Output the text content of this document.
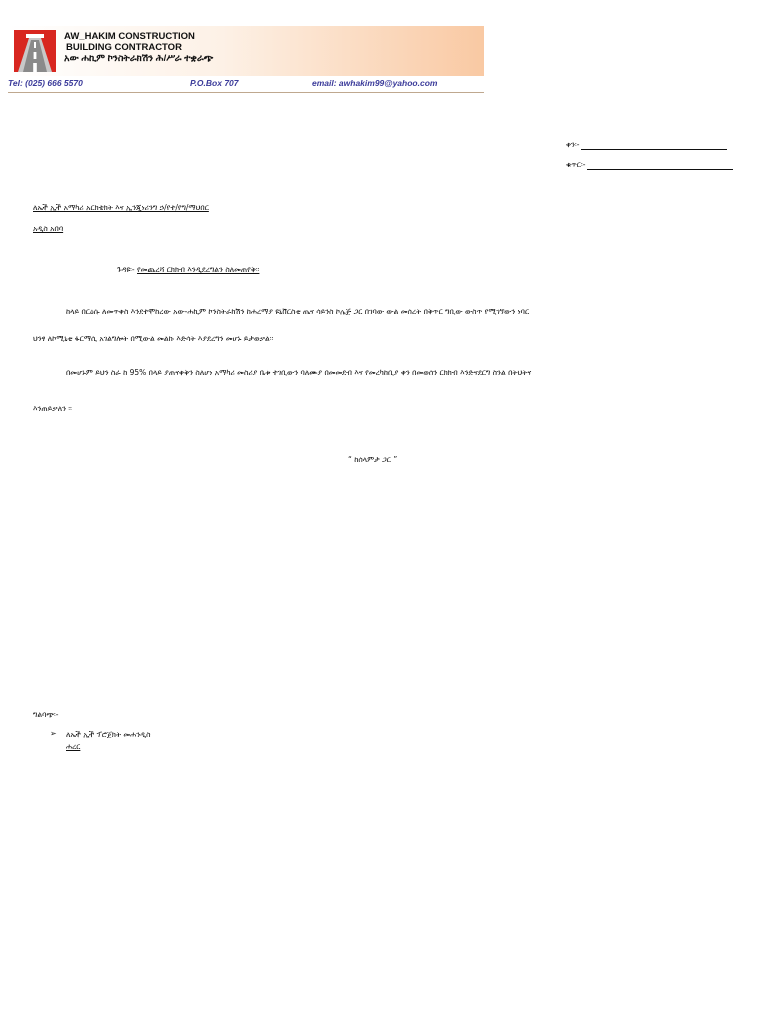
AW_HAKIM CONSTRUCTION
BUILDING CONTRACTOR
አው ሐኪም ኮንስትራክሽን ሕ/ሥራ ተቋራጭ
Tel: (025) 666 5570	P.O.Box 707	email: awhakim99@yahoo.com
ቀን፡-
ቁጥር፡-
ለኤች ኢች አማካሪ አርክቴክት እና ኢንጂነሪንግ ኃ/የተ/የግ/ማህበር
አዲስ አበባ
ጉዳዩ፡- የመጨረሻ ርክክብ እንዲደረግልን ስለመጠየቅ፡፡
ከላይ በርዕሱ ለመጥቀስ እንደተሞከረው አው-ሐኪም ኮንስትራክሽን ከሐረማያ ዩኒቨርስቲ ጤና ሳይንስ ኮሌጅ ጋር በገባው ውል መሰረት በቅጥር ግቢው ውስጥ የሚገኘውን ነባር
ህንፃ ለኮሚኒቲ ፋርማሲ አገልግሎት በሚውል መልኩ እድሳት እያደረግን መሆኑ ይታወቃል፡፡
በመሆኑም ይህን ስራ ከ 95% በላይ ያጠናቀቅን ስለሆነ አማካሪ መስሪያ ቤቱ ተገቢውን ባለሙያ በመመደብ እና የመረካከቢያ ቀን በመወሰን ርክክብ እንድናደርግ ስንል በትህትና
እንጠይቃለን ፡፡
“ ከሰላምታ ጋር ”
ግልባጭ፡-
➢ ለኤች ኢች ፕሮጀክት መሐንዲስ
ሐረር
